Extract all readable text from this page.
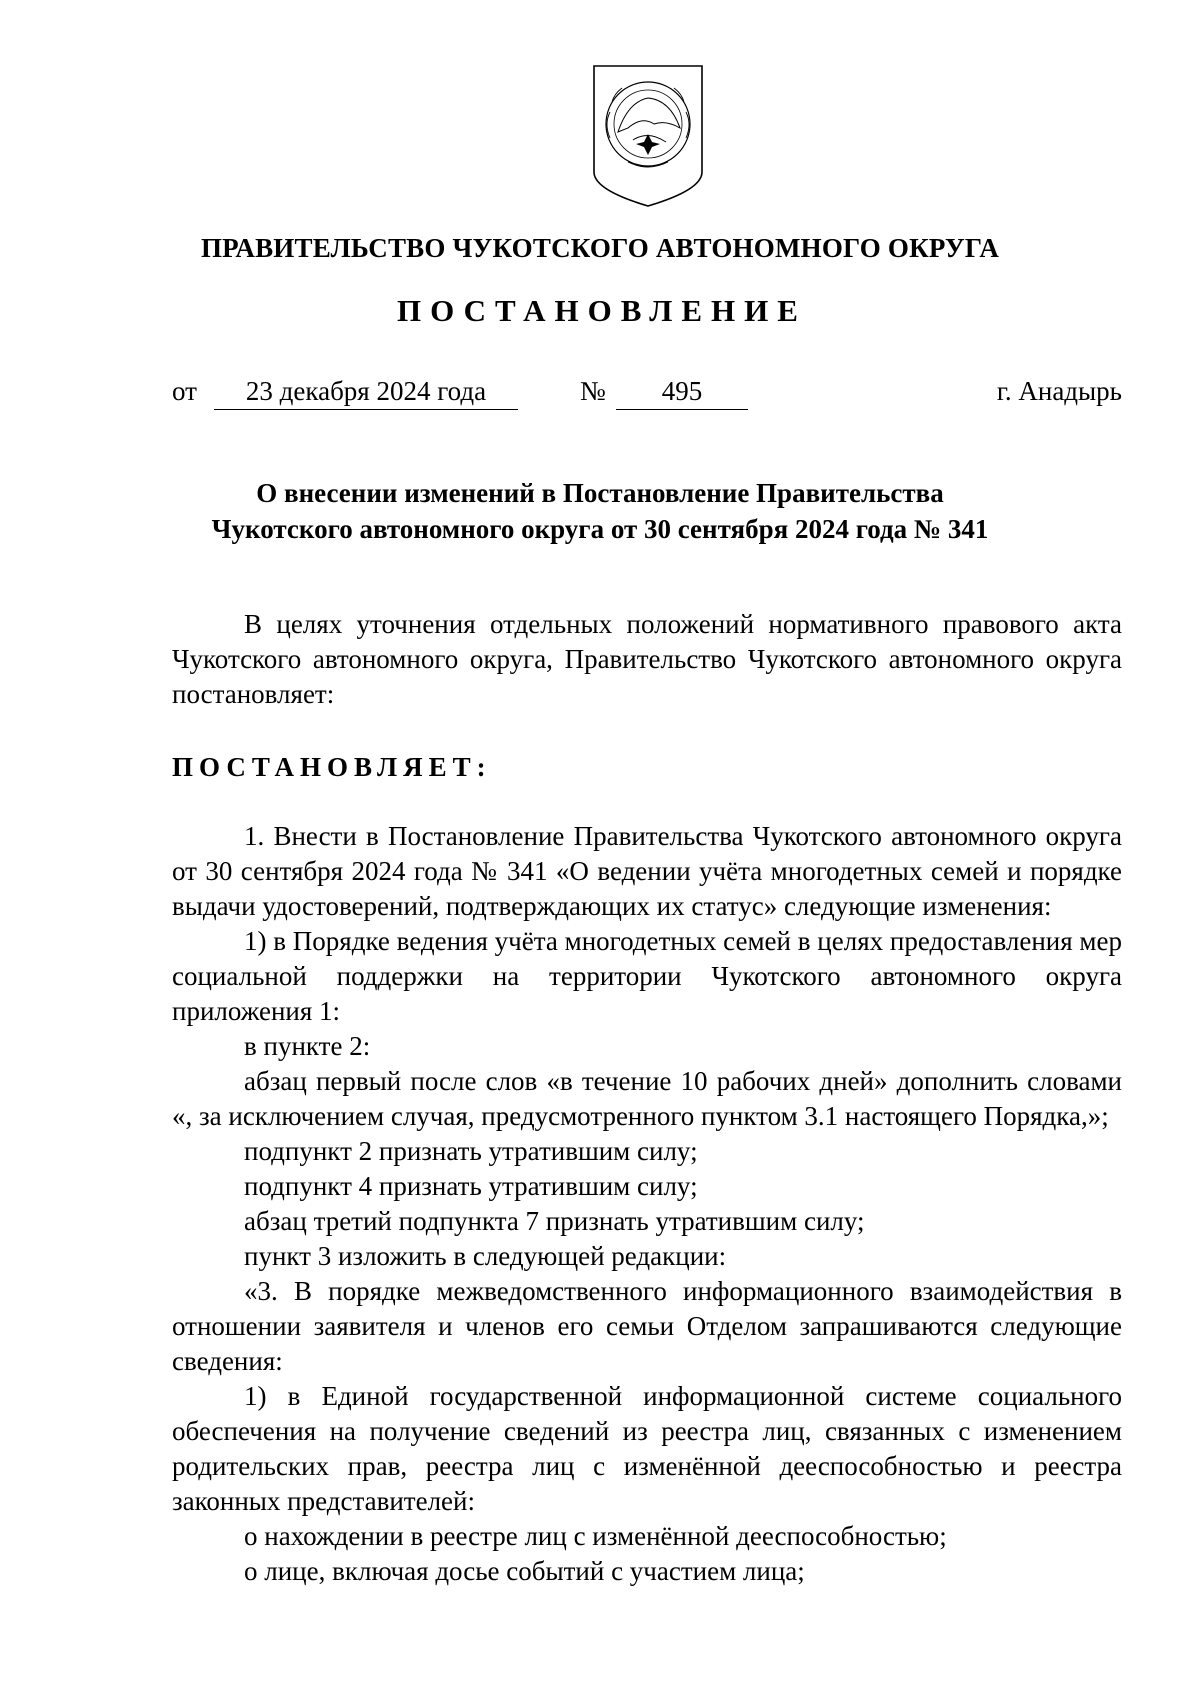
ПРАВИТЕЛЬСТВО ЧУКОТСКОГО АВТОНОМНОГО ОКРУГА
ПОСТАНОВЛЕНИЕ
от	23 декабря 2024 года	№	495	г. Анадырь

О внесении изменений в Постановление Правительства

Чукотского автономного округа от 30 сентября 2024 года № 341

В целях уточнения отдельных положений нормативного правового акта Чукотского автономного округа, Правительство Чукотского автономного округа постановляет:

ПОСТАНОВЛЯЕТ:

1. Внести в Постановление Правительства Чукотского автономного округа от 30 сентября 2024 года № 341 «О ведении учёта многодетных семей и порядке выдачи удостоверений, подтверждающих их статус» следующие изменения:

1) в Порядке ведения учёта многодетных семей в целях предоставления мер социальной поддержки на территории Чукотского автономного округа приложения 1:

в пункте 2:

абзац первый после слов «в течение 10 рабочих дней» дополнить словами «, за исключением случая, предусмотренного пунктом 3.1 настоящего Порядка,»;

подпункт 2 признать утратившим силу;

подпункт 4 признать утратившим силу;

абзац третий подпункта 7 признать утратившим силу;

пункт 3 изложить в следующей редакции:

«3. В порядке межведомственного информационного взаимодействия в отношении заявителя и членов его семьи Отделом запрашиваются следующие сведения:

1) в Единой государственной информационной системе социального обеспечения на получение сведений из реестра лиц, связанных с изменением родительских прав, реестра лиц с изменённой дееспособностью и реестра законных представителей:

о нахождении в реестре лиц с изменённой дееспособностью;

о лице, включая досье событий с участием лица;
